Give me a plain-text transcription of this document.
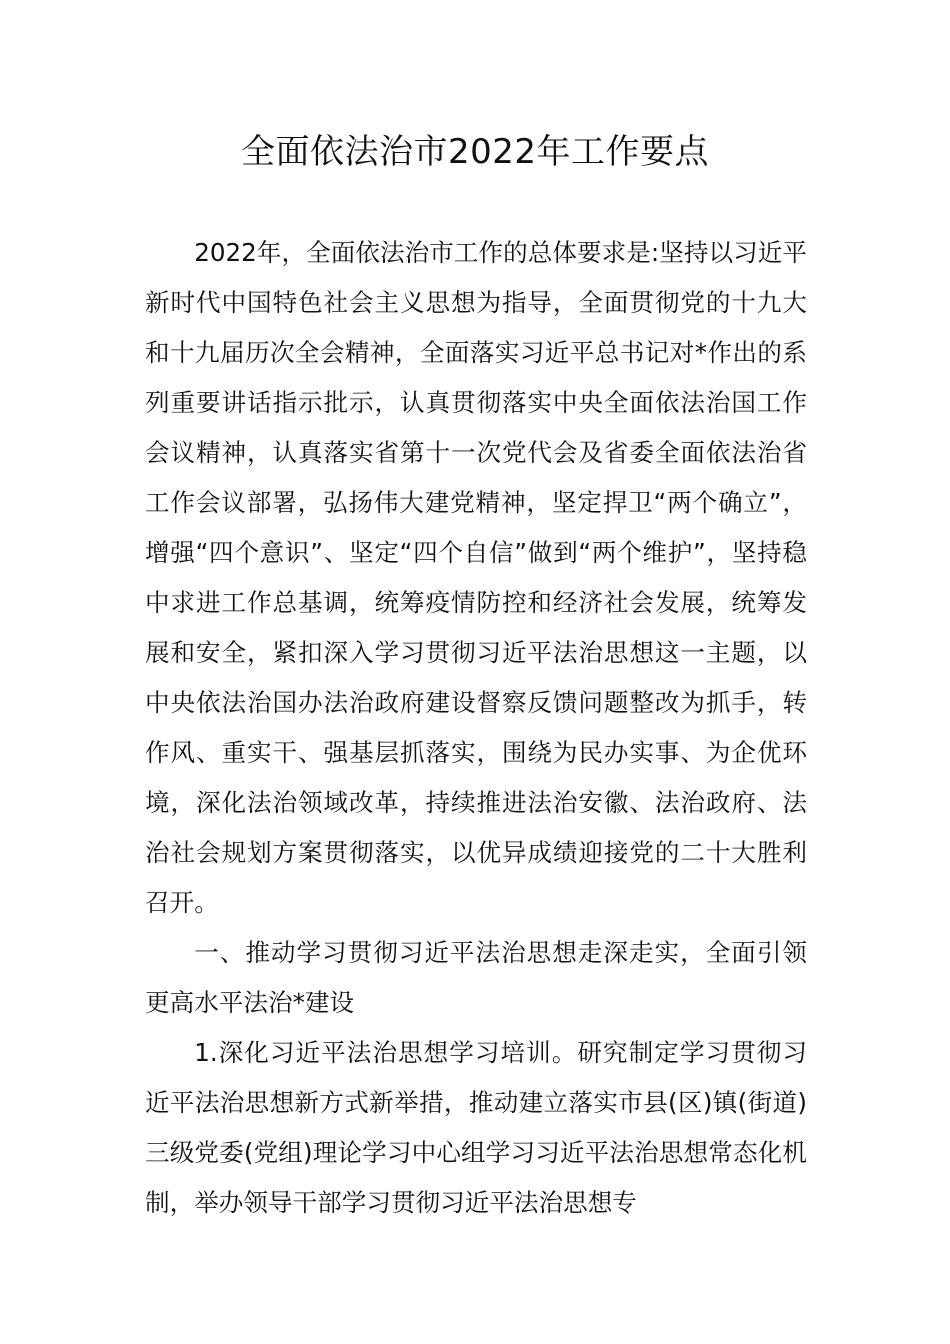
全面依法治市2022年工作要点

2022年，全面依法治市工作的总体要求是:坚持以习近平新时代中国特色社会主义思想为指导，全面贯彻党的十九大和十九届历次全会精神，全面落实习近平总书记对*作出的系列重要讲话指示批示，认真贯彻落实中央全面依法治国工作会议精神，认真落实省第十一次党代会及省委全面依法治省工作会议部署，弘扬伟大建党精神，坚定捍卫“两个确立”，增强“四个意识”、坚定“四个自信”做到“两个维护”，坚持稳中求进工作总基调，统筹疫情防控和经济社会发展，统筹发展和安全，紧扣深入学习贯彻习近平法治思想这一主题，以中央依法治国办法治政府建设督察反馈问题整改为抓手，转作风、重实干、强基层抓落实，围绕为民办实事、为企优环境，深化法治领域改革，持续推进法治安徽、法治政府、法治社会规划方案贯彻落实，以优异成绩迎接党的二十大胜利召开。

一、推动学习贯彻习近平法治思想走深走实，全面引领更高水平法治*建设

1.深化习近平法治思想学习培训。研究制定学习贯彻习近平法治思想新方式新举措，推动建立落实市县(区)镇(街道)三级党委(党组)理论学习中心组学习习近平法治思想常态化机制，举办领导干部学习贯彻习近平法治思想专
